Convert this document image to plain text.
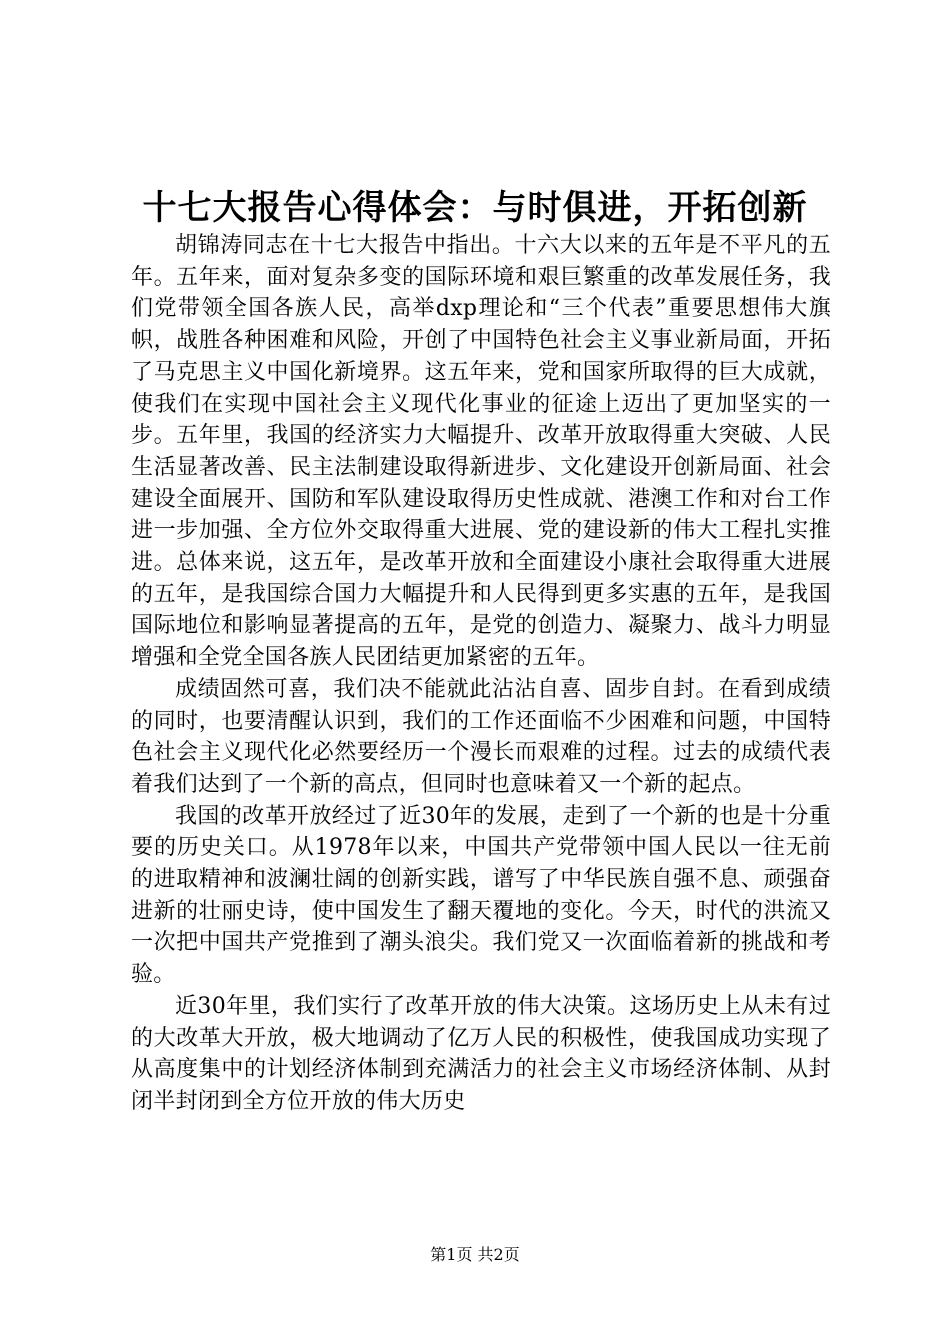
十七大报告心得体会：与时俱进，开拓创新

胡锦涛同志在十七大报告中指出。十六大以来的五年是不平凡的五年。五年来，面对复杂多变的国际环境和艰巨繁重的改革发展任务，我们党带领全国各族人民，高举dxp理论和“三个代表”重要思想伟大旗帜，战胜各种困难和风险，开创了中国特色社会主义事业新局面，开拓了马克思主义中国化新境界。这五年来，党和国家所取得的巨大成就，使我们在实现中国社会主义现代化事业的征途上迈出了更加坚实的一步。五年里，我国的经济实力大幅提升、改革开放取得重大突破、人民生活显著改善、民主法制建设取得新进步、文化建设开创新局面、社会建设全面展开、国防和军队建设取得历史性成就、港澳工作和对台工作进一步加强、全方位外交取得重大进展、党的建设新的伟大工程扎实推进。总体来说，这五年，是改革开放和全面建设小康社会取得重大进展的五年，是我国综合国力大幅提升和人民得到更多实惠的五年，是我国国际地位和影响显著提高的五年，是党的创造力、凝聚力、战斗力明显增强和全党全国各族人民团结更加紧密的五年。

成绩固然可喜，我们决不能就此沾沾自喜、固步自封。在看到成绩的同时，也要清醒认识到，我们的工作还面临不少困难和问题，中国特色社会主义现代化必然要经历一个漫长而艰难的过程。过去的成绩代表着我们达到了一个新的高点，但同时也意味着又一个新的起点。

我国的改革开放经过了近30年的发展，走到了一个新的也是十分重要的历史关口。从1978年以来，中国共产党带领中国人民以一往无前的进取精神和波澜壮阔的创新实践，谱写了中华民族自强不息、顽强奋进新的壮丽史诗，使中国发生了翻天覆地的变化。今天，时代的洪流又一次把中国共产党推到了潮头浪尖。我们党又一次面临着新的挑战和考验。

近30年里，我们实行了改革开放的伟大决策。这场历史上从未有过的大改革大开放，极大地调动了亿万人民的积极性，使我国成功实现了从高度集中的计划经济体制到充满活力的社会主义市场经济体制、从封闭半封闭到全方位开放的伟大历史

第1页 共2页
